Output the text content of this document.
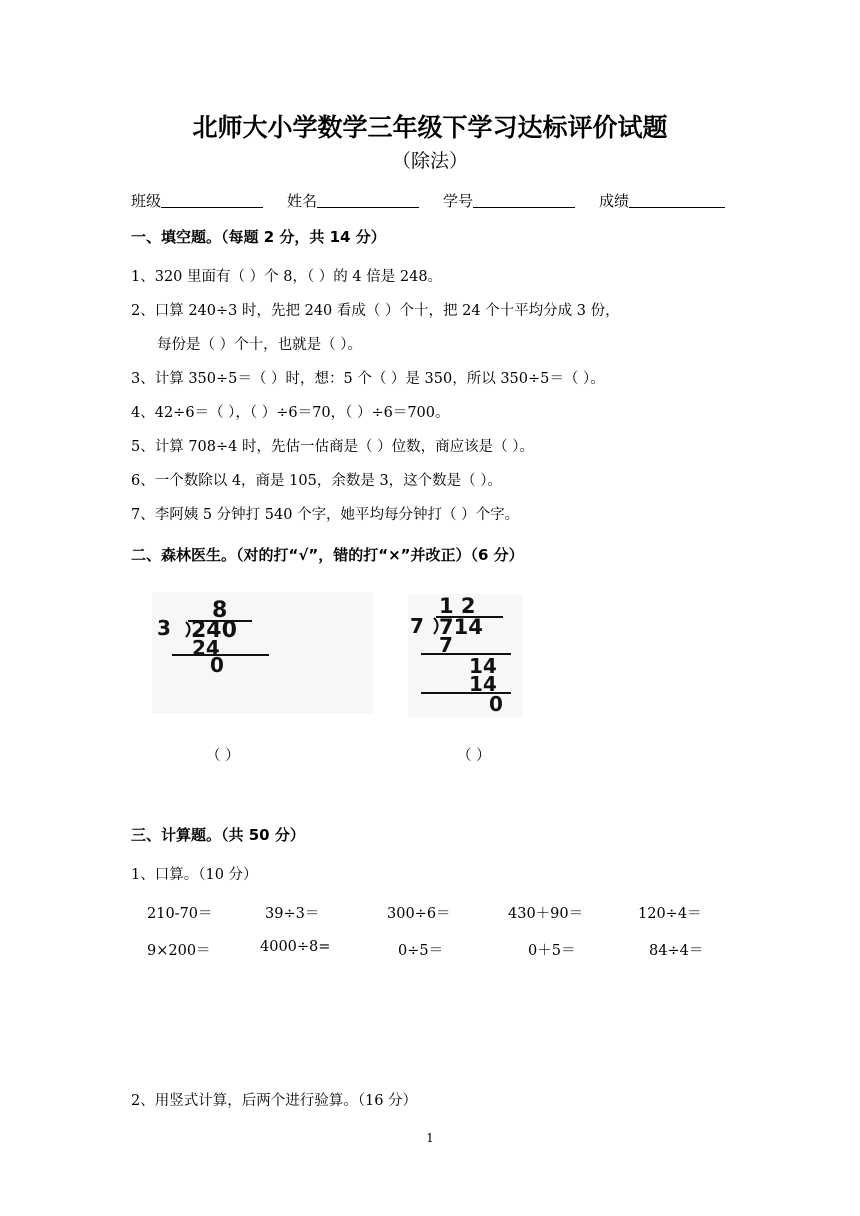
北师大小学数学三年级下学习达标评价试题
（除法）
班级	姓名	学号	成绩
一、填空题。（每题 2 分，共 14 分）
1、320 里面有（ ）个 8，（ ）的 4 倍是 248。
2、口算 240÷3 时，先把 240 看成（ ）个十，把 24 个十平均分成 3 份，
每份是（ ）个十，也就是（ ）。
3、计算 350÷5＝（ ）时，想：5 个（ ）是 350，所以 350÷5＝（ ）。
4、42÷6＝（ ），（ ）÷6＝70，（ ）÷6＝700。
5、计算 708÷4 时，先估一估商是（ ）位数，商应该是（ ）。
6、一个数除以 4，商是 105，余数是 3，这个数是（ ）。
7、李阿姨 5 分钟打 540 个字，她平均每分钟打（ ）个字。
二、森林医生。（对的打“√”，错的打“×”并改正）（6 分）
8
3 240
24
0
1 2
7 714
7
14
14
0
（ ）	（ ）
三、计算题。（共 50 分）
1、口算。（10 分）
210-70＝	39÷3＝	300÷6＝	430＋90＝	120÷4＝
9×200＝	4000÷8=	0÷5＝	0＋5＝	84÷4＝
2、用竖式计算，后两个进行验算。（16 分）
1
